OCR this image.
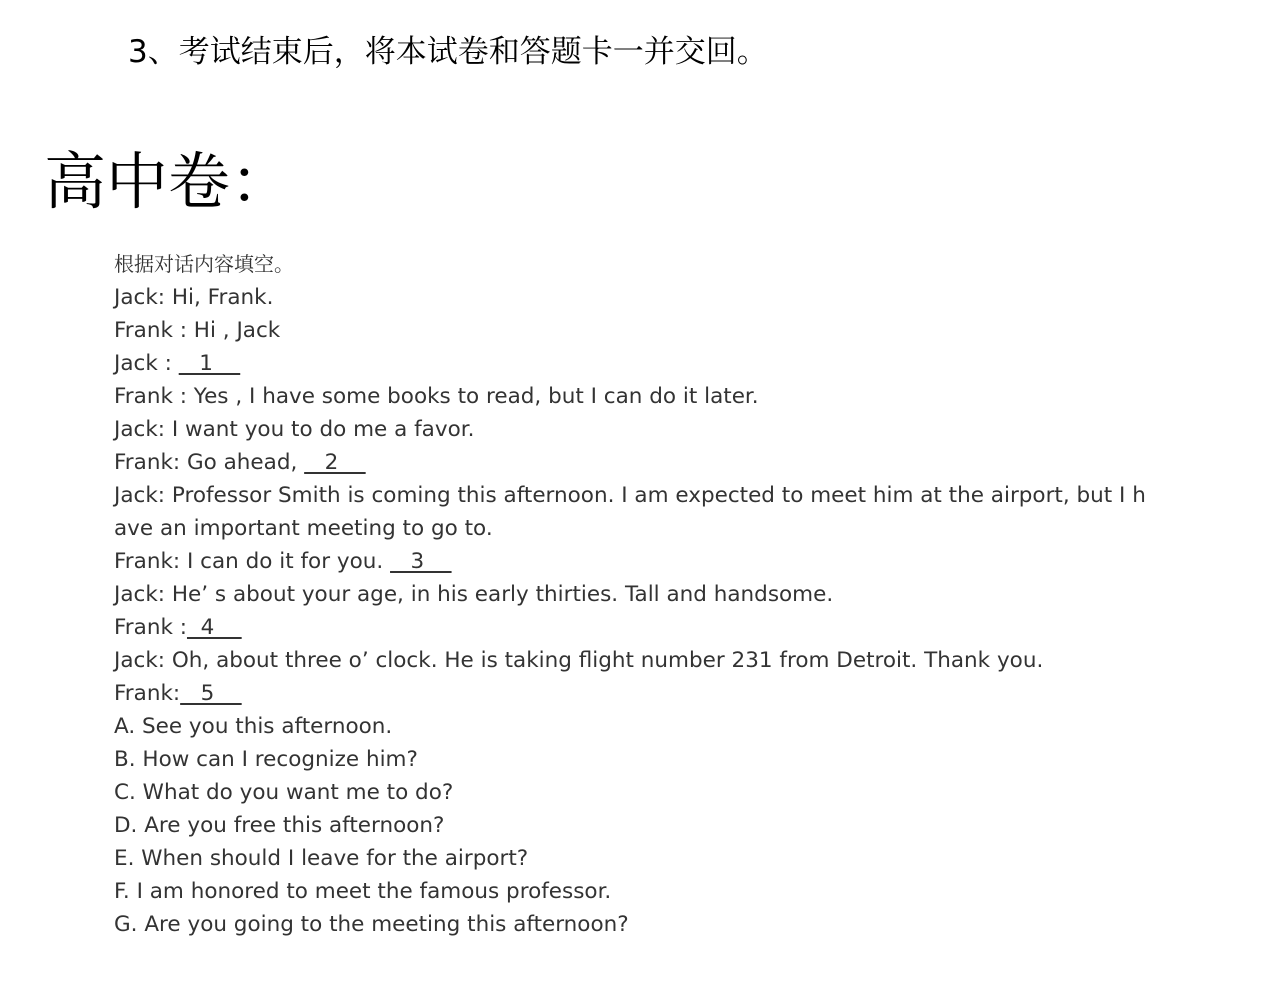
3、考试结束后，将本试卷和答题卡一并交回。
高中卷：
根据对话内容填空。
Jack: Hi, Frank.
Frank : Hi , Jack
Jack :    1
Frank : Yes , I have some books to read, but I can do it later.
Jack: I want you to do me a favor.
Frank: Go ahead,    2
Jack: Professor Smith is coming this afternoon. I am expected to meet him at the airport, but I have an important meeting to go to.
Frank: I can do it for you.    3
Jack: He’ s about your age, in his early thirties. Tall and handsome.
Frank :  4
Jack: Oh, about three o’ clock. He is taking flight number 231 from Detroit. Thank you.
Frank:   5
A. See you this afternoon.
B. How can I recognize him?
C. What do you want me to do?
D. Are you free this afternoon?
E. When should I leave for the airport?
F. I am honored to meet the famous professor.
G. Are you going to the meeting this afternoon?
